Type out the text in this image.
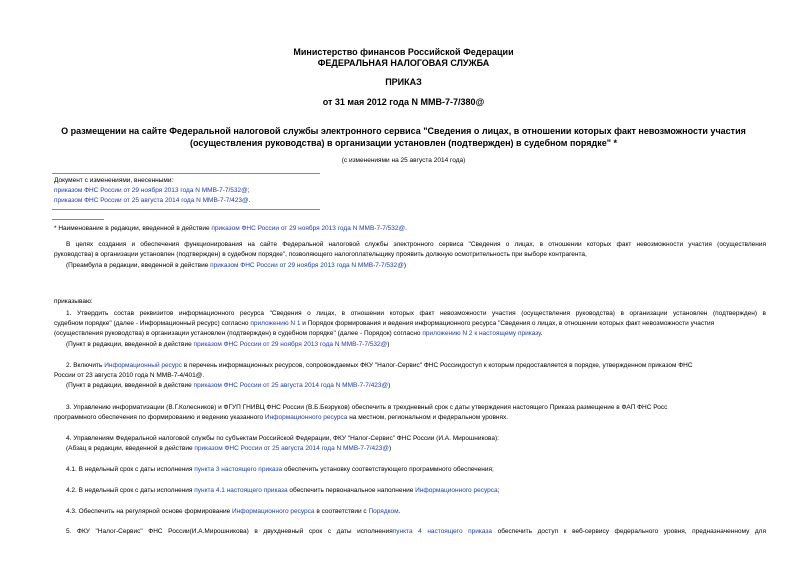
Министерство финансов Российской Федерации
ФЕДЕРАЛЬНАЯ НАЛОГОВАЯ СЛУЖБА
ПРИКАЗ
от 31 мая 2012 года N ММВ-7-7/380@
О размещении на сайте Федеральной налоговой службы электронного сервиса "Сведения о лицах, в отношении которых факт невозможности участия
(осуществления руководства) в организации установлен (подтвержден) в судебном порядке" *
(с изменениями на 25 августа 2014 года)
Документ с изменениями, внесенными:
приказом ФНС России от 29 ноября 2013 года N ММВ-7-7/532@;
приказом ФНС России от 25 августа 2014 года N ММВ-7-7/423@.
* Наименование в редакции, введенной в действие приказом ФНС России от 29 ноября 2013 года N ММВ-7-7/532@.
В целях создания и обеспечения функционирования на сайте Федеральной налоговой службы электронного сервиса "Сведения о лицах, в отношении которых факт невозможности участия (осуществления
руководства) в организации установлен (подтвержден) в судебном порядке", позволяющего налогоплательщику проявить должную осмотрительность при выборе контрагента,
(Преамбула в редакции, введенной в действие приказом ФНС России от 29 ноября 2013 года N ММВ-7-7/532@)
приказываю:
1. Утвердить состав реквизитов информационного ресурса "Сведения о лицах, в отношении которых факт невозможности участия (осуществления руководства) в организации установлен (подтвержден) в
судебном порядке" (далее - Информационный ресурс) согласно приложению N 1 и Порядок формирования и ведения информационного ресурса "Сведения о лицах, в отношении которых факт невозможности участия
(осуществления руководства) в организации установлен (подтвержден) в судебном порядке" (далее - Порядок) согласно приложению N 2 к настоящему приказу.
(Пункт в редакции, введенной в действие приказом ФНС России от 29 ноября 2013 года N ММВ-7-7/532@)
2. Включить Информационный ресурс в перечень информационных ресурсов, сопровождаемых ФКУ "Налог-Сервис" ФНС Россиидоступ к которым предоставляется в порядке, утвержденном приказом ФНС
России от 23 августа 2010 года N ММВ-7-4/401@.
(Пункт в редакции, введенной в действие приказом ФНС России от 25 августа 2014 года N ММВ-7-7/423@)
3. Управлению информатизации (В.Г.Колесников) и ФГУП ГНИВЦ ФНС России (В.Б.Безруков) обеспечить в трехдневный срок с даты утверждения настоящего Приказа размещение в ФАП ФНС Росс
программного обеспечения по формированию и ведению указанного Информационного ресурса на местном, региональном и федеральном уровнях.
4. Управлениям Федеральной налоговой службы по субъектам Российской Федерации, ФКУ "Налог-Сервис" ФНС России (И.А. Мирошникова):
(Абзац в редакции, введенной в действие приказом ФНС России от 25 августа 2014 года N ММВ-7-7/423@)
4.1. В недельный срок с даты исполнения пункта 3 настоящего приказа обеспечить установку соответствующего программного обеспечения;
4.2. В недельный срок с даты исполнения пункта 4.1 настоящего приказа обеспечить первоначальное наполнение Информационного ресурса;
4.3. Обеспечить на регулярной основе формирование Информационного ресурса в соответствии с Порядком.
5. ФКУ "Налог-Сервис" ФНС России(И.А.Мирошникова) в двухдневный срок с даты исполненияпункта 4 настоящего приказа обеспечить доступ к веб-сервису федерального уровня, предназначенному для
